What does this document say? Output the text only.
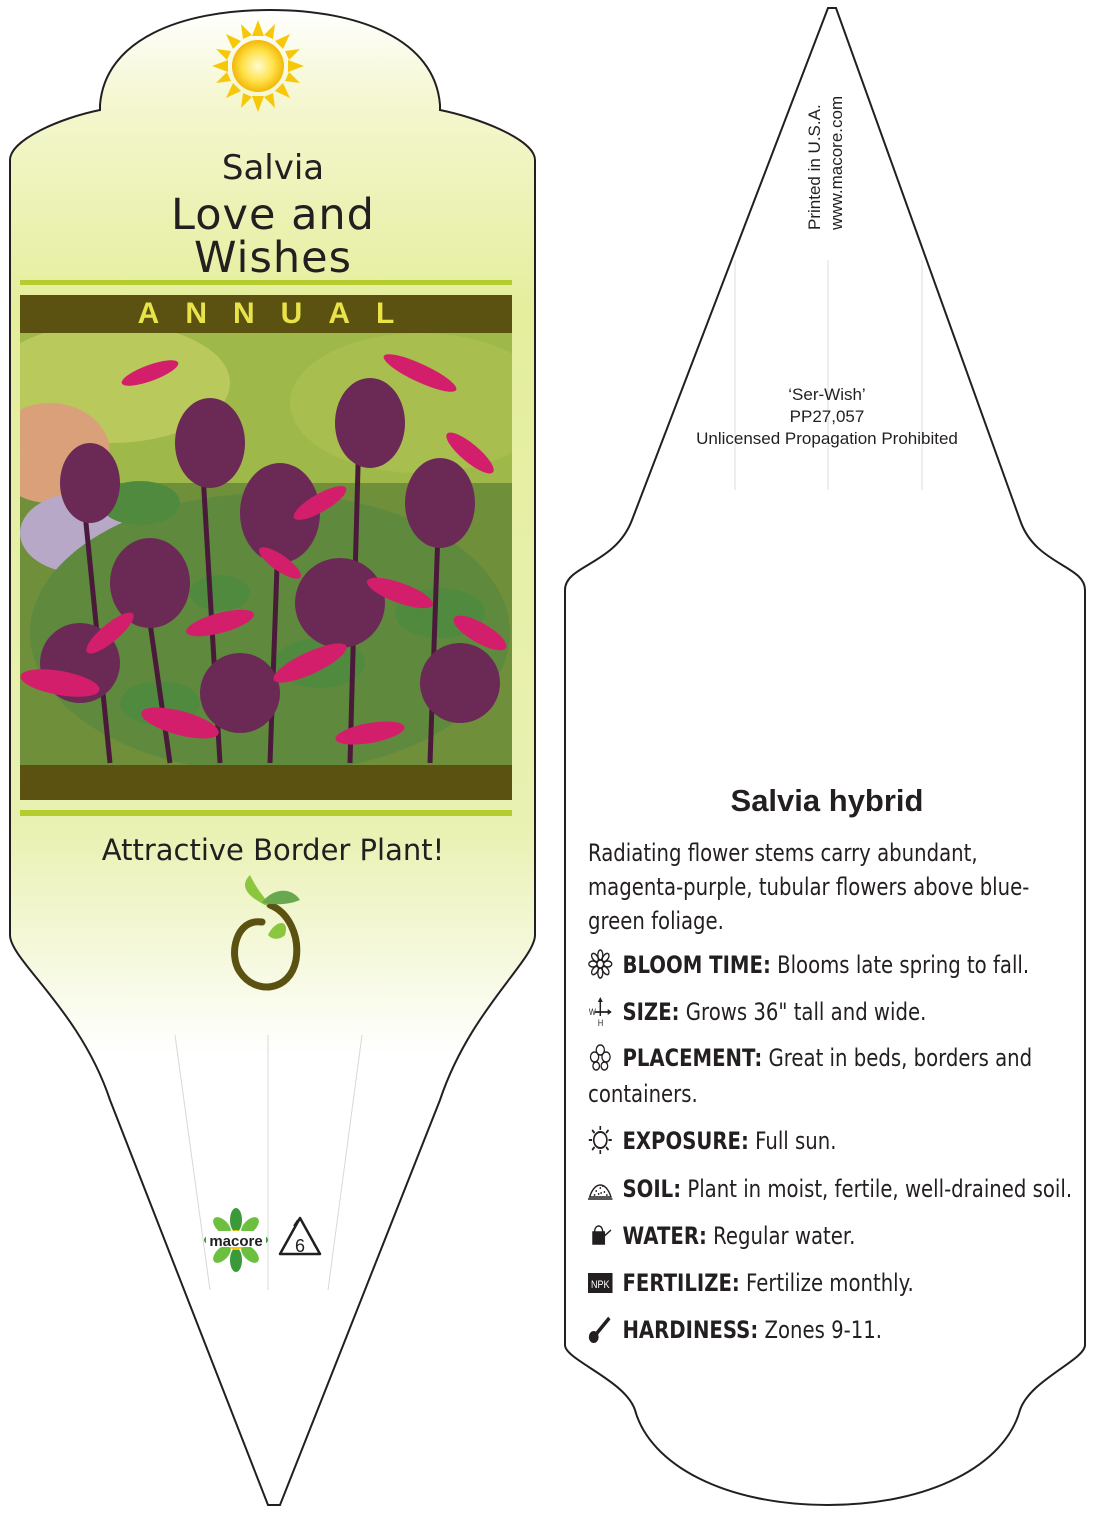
macore 6
Salvia
Love and
Wishes
ANNUAL
Attractive Border Plant!
Printed in U.S.A. www.macore.com
‘Ser-Wish’
PP27,057
Unlicensed Propagation Prohibited
Salvia hybrid
Radiating flower stems carry abundant, magenta-purple, tubular flowers above blue-green foliage.
BLOOM TIME: Blooms late spring to fall.
W
H SIZE: Grows 36" tall and wide.
PLACEMENT: Great in beds, borders and
containers.
EXPOSURE: Full sun.
SOIL: Plant in moist, fertile, well-drained soil.
WATER: Regular water.
NPK FERTILIZE: Fertilize monthly.
HARDINESS: Zones 9-11.
